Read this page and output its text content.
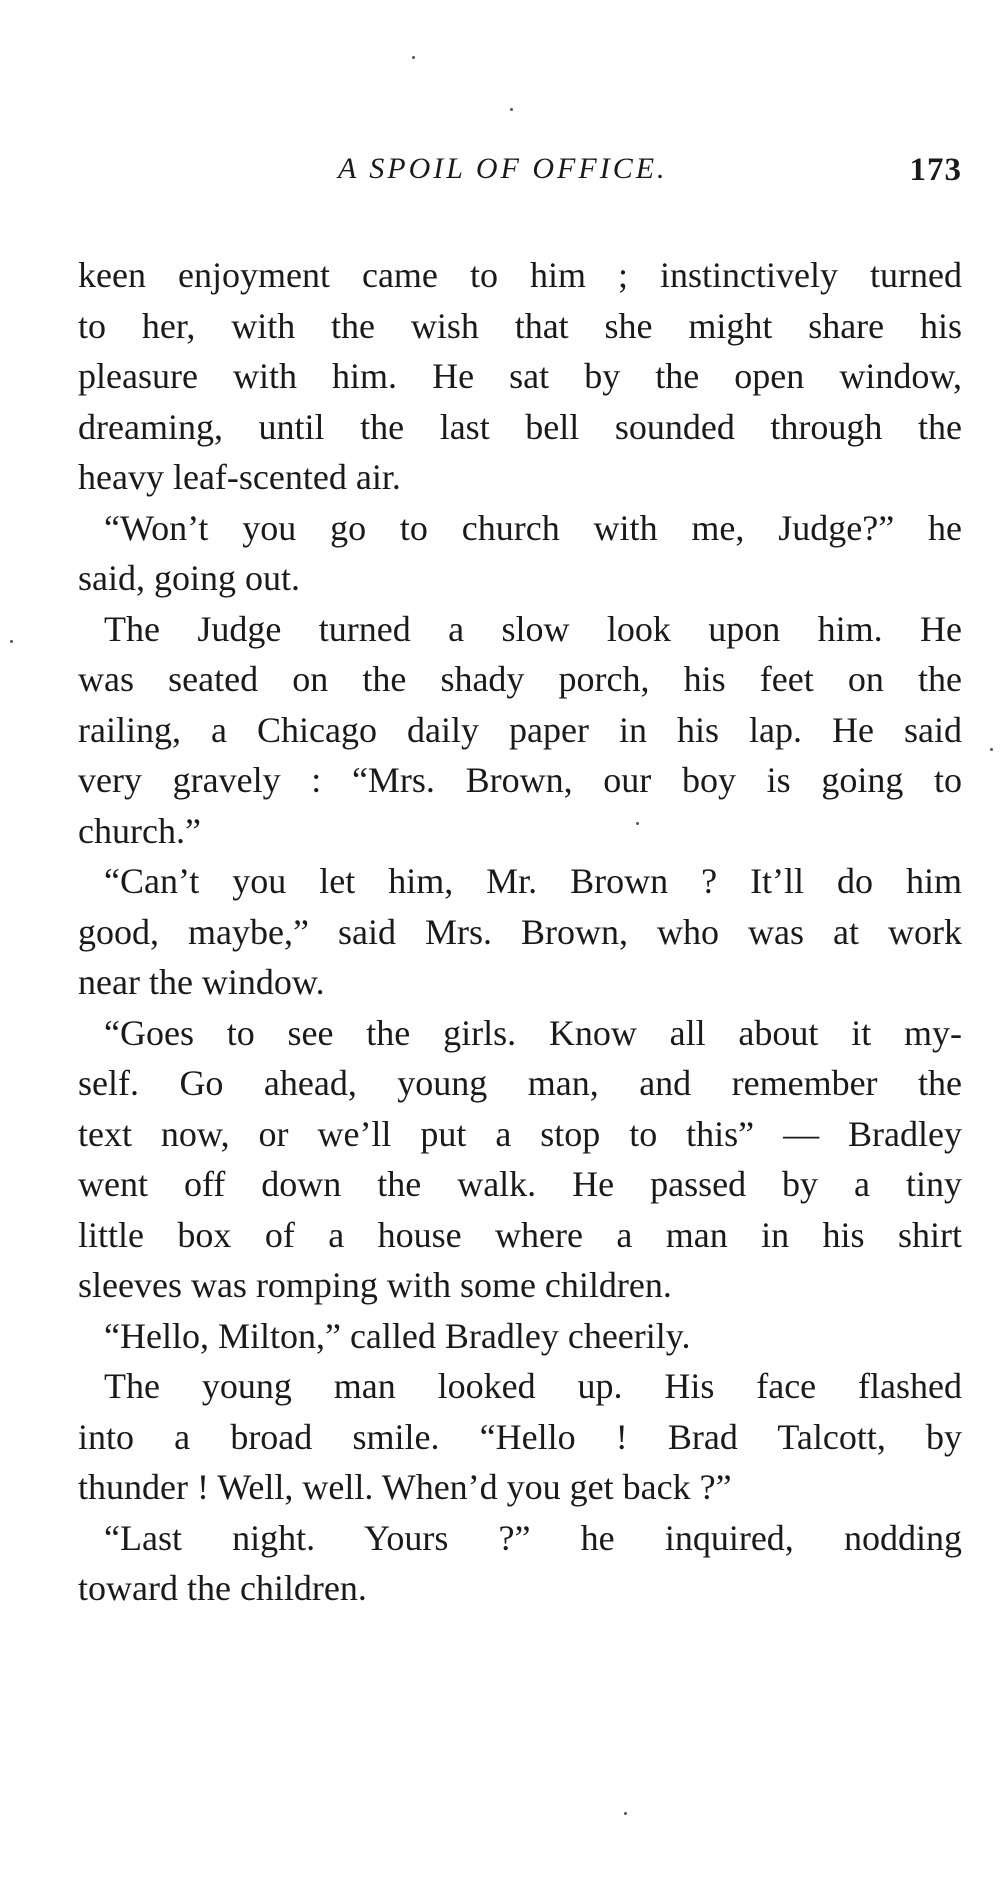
A SPOIL OF OFFICE.	173
keen enjoyment came to him ; instinctively turned
to her, with the wish that she might share his
pleasure with him. He sat by the open window,
dreaming, until the last bell sounded through the
heavy leaf-scented air.
“Won’t you go to church with me, Judge?” he
said, going out.
The Judge turned a slow look upon him. He
was seated on the shady porch, his feet on the
railing, a Chicago daily paper in his lap. He said
very gravely : “Mrs. Brown, our boy is going to
church.”
“Can’t you let him, Mr. Brown ? It’ll do him
good, maybe,” said Mrs. Brown, who was at work
near the window.
“Goes to see the girls. Know all about it my-
self. Go ahead, young man, and remember the
text now, or we’ll put a stop to this” — Bradley
went off down the walk. He passed by a tiny
little box of a house where a man in his shirt
sleeves was romping with some children.
“Hello, Milton,” called Bradley cheerily.
The young man looked up. His face flashed
into a broad smile. “Hello ! Brad Talcott, by
thunder ! Well, well. When’d you get back ?”
“Last night. Yours ?” he inquired, nodding
toward the children.
